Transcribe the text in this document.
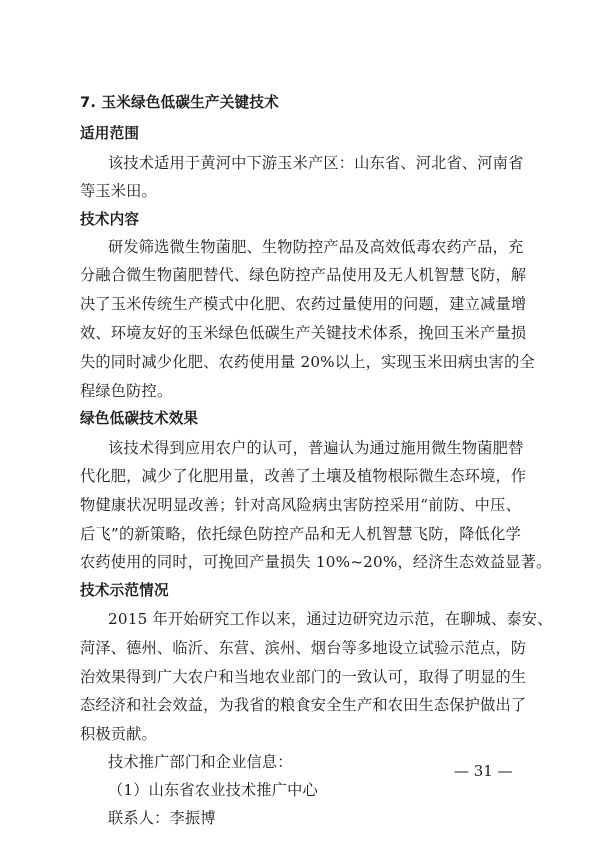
7. 玉米绿色低碳生产关键技术
适用范围
该技术适用于黄河中下游玉米产区：山东省、河北省、河南省
等玉米田。
技术内容
研发筛选微生物菌肥、生物防控产品及高效低毒农药产品，充
分融合微生物菌肥替代、绿色防控产品使用及无人机智慧飞防，解
决了玉米传统生产模式中化肥、农药过量使用的问题，建立减量增
效、环境友好的玉米绿色低碳生产关键技术体系，挽回玉米产量损
失的同时减少化肥、农药使用量 20%以上，实现玉米田病虫害的全
程绿色防控。
绿色低碳技术效果
该技术得到应用农户的认可，普遍认为通过施用微生物菌肥替
代化肥，减少了化肥用量，改善了土壤及植物根际微生态环境，作
物健康状况明显改善；针对高风险病虫害防控采用“前防、中压、
后飞”的新策略，依托绿色防控产品和无人机智慧飞防，降低化学
农药使用的同时，可挽回产量损失 10%~20%，经济生态效益显著。
技术示范情况
2015 年开始研究工作以来，通过边研究边示范，在聊城、泰安、
菏泽、德州、临沂、东营、滨州、烟台等多地设立试验示范点，防
治效果得到广大农户和当地农业部门的一致认可，取得了明显的生
态经济和社会效益，为我省的粮食安全生产和农田生态保护做出了
积极贡献。
技术推广部门和企业信息：
（1）山东省农业技术推广中心
联系人：李振博
— 31 —
